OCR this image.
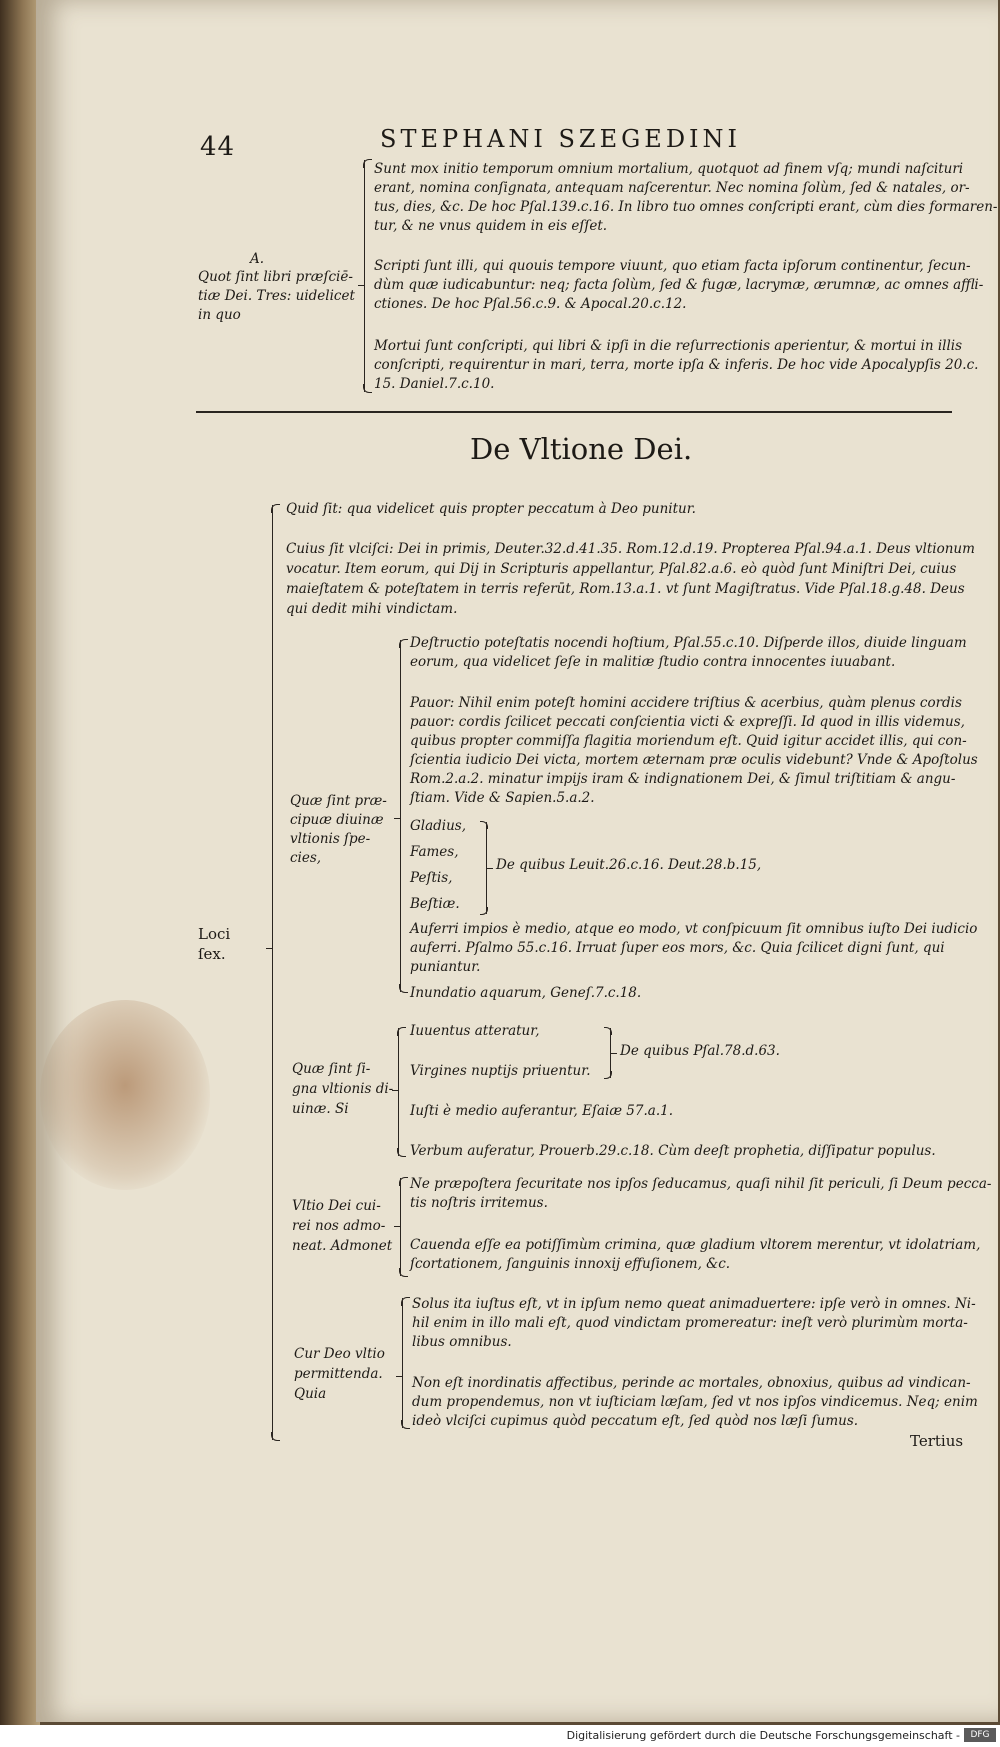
44	STEPHANI SZEGEDINI
A.
Quot ſint libri præſciē-
tiæ Dei. Tres: uidelicet
in quo
Sunt mox initio temporum omnium mortalium, quotquot ad finem vſq; mundi naſcituri
erant, nomina conſignata, antequam naſcerentur. Nec nomina ſolùm, ſed & natales, or-
tus, dies, &c. De hoc Pſal.139.c.16. In libro tuo omnes conſcripti erant, cùm dies formaren-
tur, & ne vnus quidem in eis eſſet.
Scripti ſunt illi, qui quouis tempore viuunt, quo etiam facta ipſorum continentur, ſecun-
dùm quæ iudicabuntur: neq; facta ſolùm, ſed & fugæ, lacrymæ, ærumnæ, ac omnes affli-
ctiones. De hoc Pſal.56.c.9. & Apocal.20.c.12.
Mortui ſunt conſcripti, qui libri & ipſi in die reſurrectionis aperientur, & mortui in illis
conſcripti, requirentur in mari, terra, morte ipſa & inferis. De hoc vide Apocalypſis 20.c.
15. Daniel.7.c.10.
De Vltione Dei.
Loci
ſex.
Quid ſit: qua videlicet quis propter peccatum à Deo punitur.
Cuius ſit vlciſci: Dei in primis, Deuter.32.d.41.35. Rom.12.d.19. Propterea Pſal.94.a.1. Deus vltionum
vocatur. Item eorum, qui Dij in Scripturis appellantur, Pſal.82.a.6. eò quòd ſunt Miniſtri Dei, cuius
maieſtatem & poteſtatem in terris referūt, Rom.13.a.1. vt ſunt Magiſtratus. Vide Pſal.18.g.48. Deus
qui dedit mihi vindictam.
Quæ ſint præ-
cipuæ diuinæ
vltionis ſpe-
cies,
Deſtructio poteſtatis nocendi hoſtium, Pſal.55.c.10. Diſperde illos, diuide linguam
eorum, qua videlicet ſeſe in malitiæ ſtudio contra innocentes iuuabant.
Pauor: Nihil enim poteſt homini accidere triſtius & acerbius, quàm plenus cordis
pauor: cordis ſcilicet peccati conſcientia victi & expreſſi. Id quod in illis videmus,
quibus propter commiſſa flagitia moriendum eſt. Quid igitur accidet illis, qui con-
ſcientia iudicio Dei victa, mortem æternam præ oculis videbunt? Vnde & Apoſtolus
Rom.2.a.2. minatur impijs iram & indignationem Dei, & ſimul triſtitiam & angu-
ſtiam. Vide & Sapien.5.a.2.
Gladius,
Fames,
Peſtis,
Beſtiæ.
De quibus Leuit.26.c.16. Deut.28.b.15,
Auferri impios è medio, atque eo modo, vt conſpicuum ſit omnibus iuſto Dei iudicio
auferri. Pſalmo 55.c.16. Irruat ſuper eos mors, &c. Quia ſcilicet digni ſunt, qui
puniantur.
Inundatio aquarum, Geneſ.7.c.18.
Quæ ſint ſi-
gna vltionis di-
uinæ. Si
Iuuentus atteratur,
Virgines nuptijs priuentur.
De quibus Pſal.78.d.63.
Iuſti è medio auferantur, Eſaiæ 57.a.1.
Verbum auferatur, Prouerb.29.c.18. Cùm deeſt prophetia, diſſipatur populus.
Vltio Dei cui-
rei nos admo-
neat. Admonet
Ne præpoſtera ſecuritate nos ipſos ſeducamus, quaſi nihil ſit periculi, ſi Deum pecca-
tis noſtris irritemus.
Cauenda eſſe ea potiſſimùm crimina, quæ gladium vltorem merentur, vt idolatriam,
ſcortationem, ſanguinis innoxij effuſionem, &c.
Cur Deo vltio
permittenda.
Quia
Solus ita iuſtus eſt, vt in ipſum nemo queat animaduertere: ipſe verò in omnes. Ni-
hil enim in illo mali eſt, quod vindictam promereatur: ineſt verò plurimùm morta-
libus omnibus.
Non eſt inordinatis affectibus, perinde ac mortales, obnoxius, quibus ad vindican-
dum propendemus, non vt iuſticiam læſam, ſed vt nos ipſos vindicemus. Neq; enim
ideò vlciſci cupimus quòd peccatum eſt, ſed quòd nos læſi ſumus.
Tertius
Digitalisierung gefördert durch die Deutsche Forschungsgemeinschaft -	DFG
